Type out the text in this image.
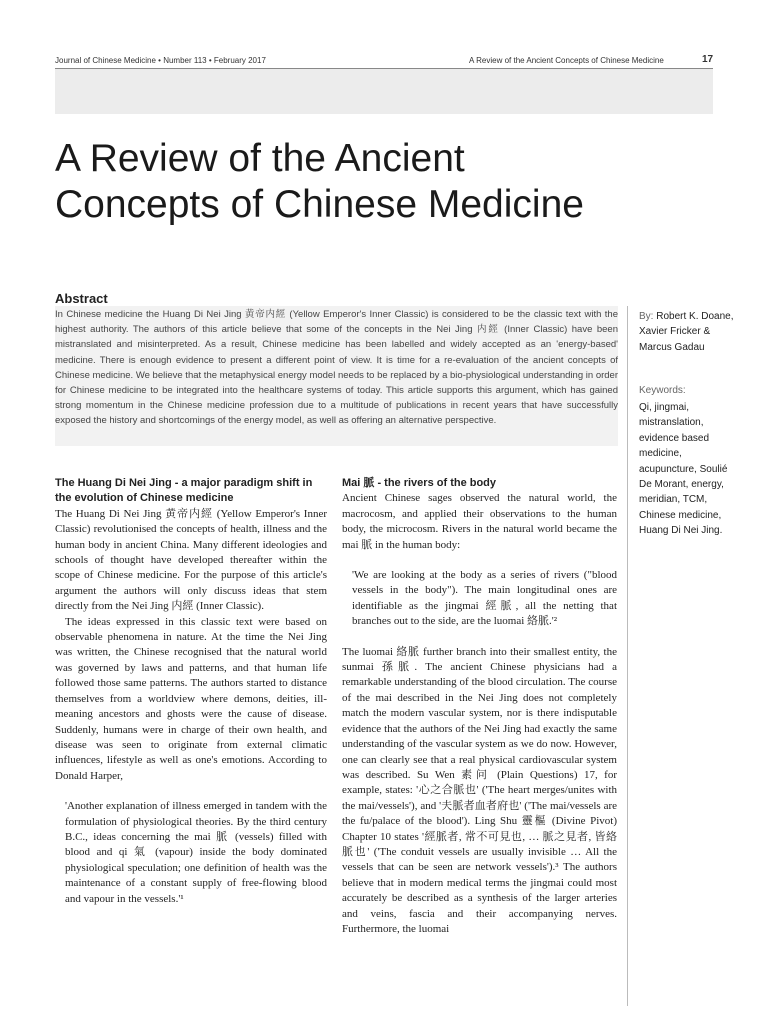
Journal of Chinese Medicine • Number 113 • February 2017	A Review of the Ancient Concepts of Chinese Medicine	17
A Review of the Ancient Concepts of Chinese Medicine
Abstract

In Chinese medicine the Huang Di Nei Jing 黄帝内經 (Yellow Emperor's Inner Classic) is considered to be the classic text with the highest authority. The authors of this article believe that some of the concepts in the Nei Jing 内經 (Inner Classic) have been mistranslated and misinterpreted. As a result, Chinese medicine has been labelled and widely accepted as an 'energy-based' medicine. There is enough evidence to present a different point of view. It is time for a re-evaluation of the ancient concepts of Chinese medicine. We believe that the metaphysical energy model needs to be replaced by a bio-physiological understanding in order for Chinese medicine to be integrated into the healthcare systems of today. This article supports this argument, which has gained strong momentum in the Chinese medicine profession due to a multitude of publications in recent years that have successfully exposed the history and shortcomings of the energy model, as well as offering an alternative perspective.

By: Robert K. Doane, Xavier Fricker & Marcus Gadau
Keywords:
Qi, jingmai, mistranslation, evidence based medicine, acupuncture, Soulié De Morant, energy, meridian, TCM, Chinese medicine, Huang Di Nei Jing.
The Huang Di Nei Jing - a major paradigm shift in the evolution of Chinese medicine

The Huang Di Nei Jing 黄帝内經 (Yellow Emperor's Inner Classic) revolutionised the concepts of health, illness and the human body in ancient China. Many different ideologies and schools of thought have developed thereafter within the scope of Chinese medicine. For the purpose of this article's argument the authors will only discuss ideas that stem directly from the Nei Jing 内經 (Inner Classic).

The ideas expressed in this classic text were based on observable phenomena in nature. At the time the Nei Jing was written, the Chinese recognised that the natural world was governed by laws and patterns, and that human life followed those same patterns. The authors started to distance themselves from a worldview where demons, deities, ill-meaning ancestors and ghosts were the cause of disease. Suddenly, humans were in charge of their own health, and disease was seen to originate from external climatic influences, lifestyle as well as one's emotions. According to Donald Harper,

'Another explanation of illness emerged in tandem with the formulation of physiological theories. By the third century B.C., ideas concerning the mai 脈 (vessels) filled with blood and qi 氣 (vapour) inside the body dominated physiological speculation; one definition of health was the maintenance of a constant supply of free-flowing blood and vapour in the vessels.'¹
Mai 脈 - the rivers of the body

Ancient Chinese sages observed the natural world, the macrocosm, and applied their observations to the human body, the microcosm. Rivers in the natural world became the mai 脈 in the human body:

'We are looking at the body as a series of rivers ("blood vessels in the body"). The main longitudinal ones are identifiable as the jingmai 經脈, all the netting that branches out to the side, are the luomai 絡脈.'²

The luomai 絡脈 further branch into their smallest entity, the sunmai 孫脈. The ancient Chinese physicians had a remarkable understanding of the blood circulation. The course of the mai described in the Nei Jing does not completely match the modern vascular system, nor is there indisputable evidence that the authors of the Nei Jing had exactly the same understanding of the vascular system as we do now. However, one can clearly see that a real physical cardiovascular system was described. Su Wen 素问 (Plain Questions) 17, for example, states: '心之合脈也' ('The heart merges/unites with the mai/vessels'), and '夫脈者血者府也' ('The mai/vessels are the fu/palace of the blood'). Ling Shu 靈樞 (Divine Pivot) Chapter 10 states '經脈者, 常不可見也, … 脈之見者, 皆絡脈也' ('The conduit vessels are usually invisible … All the vessels that can be seen are network vessels').³ The authors believe that in modern medical terms the jingmai could most accurately be described as a synthesis of the larger arteries and veins, fascia and their accompanying nerves. Furthermore, the luomai
